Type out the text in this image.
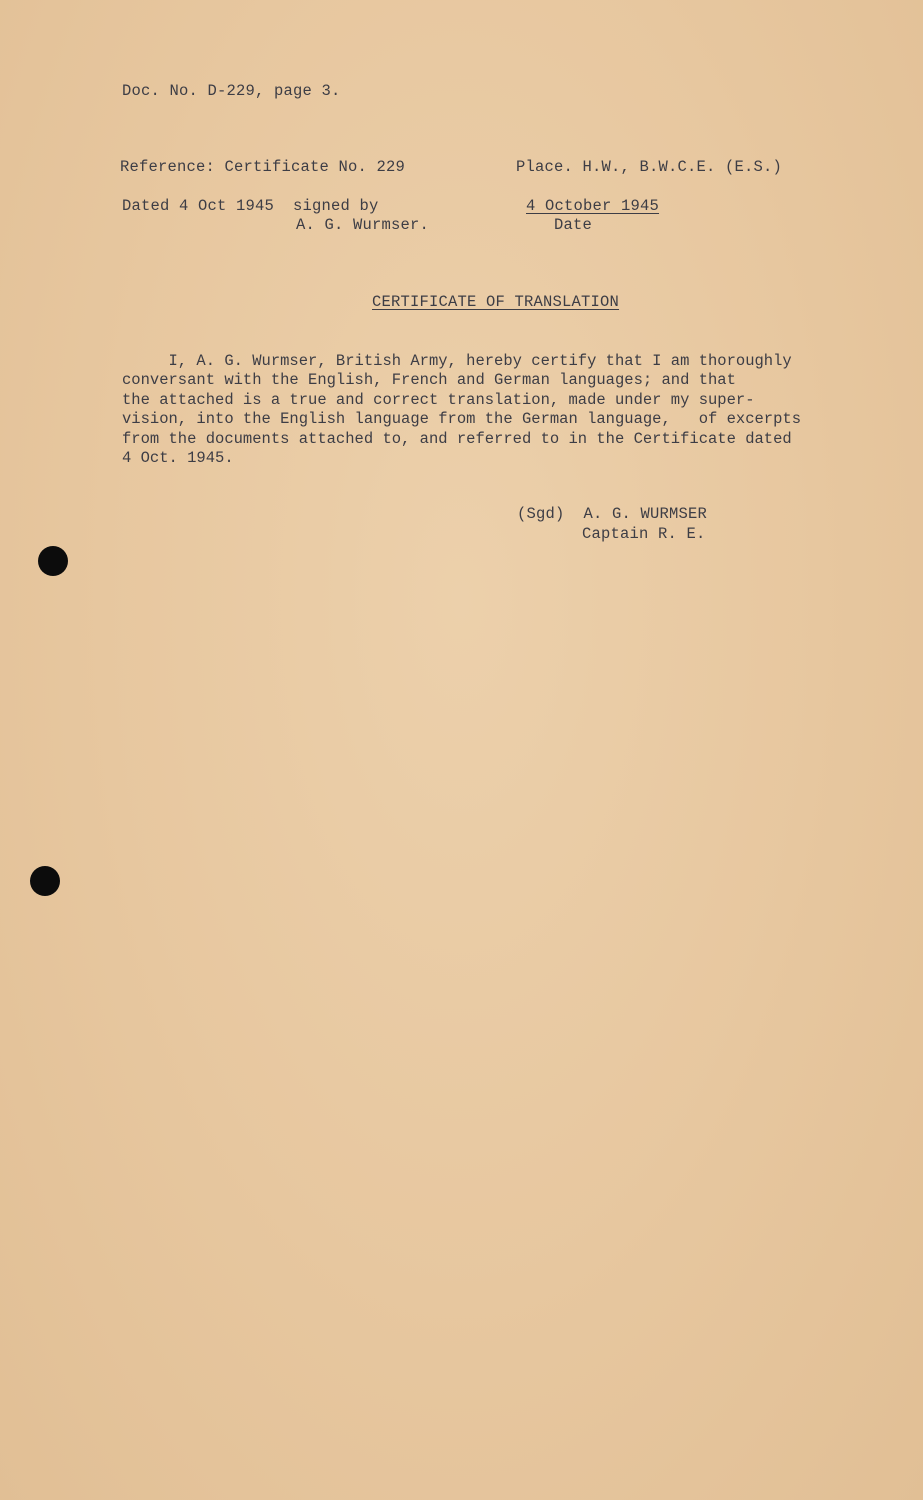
Doc. No. D-229, page 3.
Reference: Certificate No. 229	Place. H.W., B.W.C.E. (E.S.)
Dated 4 Oct 1945  signed by
A. G. Wurmser.
4 October 1945
Date
CERTIFICATE OF TRANSLATION
I, A. G. Wurmser, British Army, hereby certify that I am thoroughly
conversant with the English, French and German languages; and that
the attached is a true and correct translation, made under my super-
vision, into the English language from the German language,   of excerpts
from the documents attached to, and referred to in the Certificate dated
4 Oct. 1945.
(Sgd)  A. G. WURMSER
Captain R. E.
